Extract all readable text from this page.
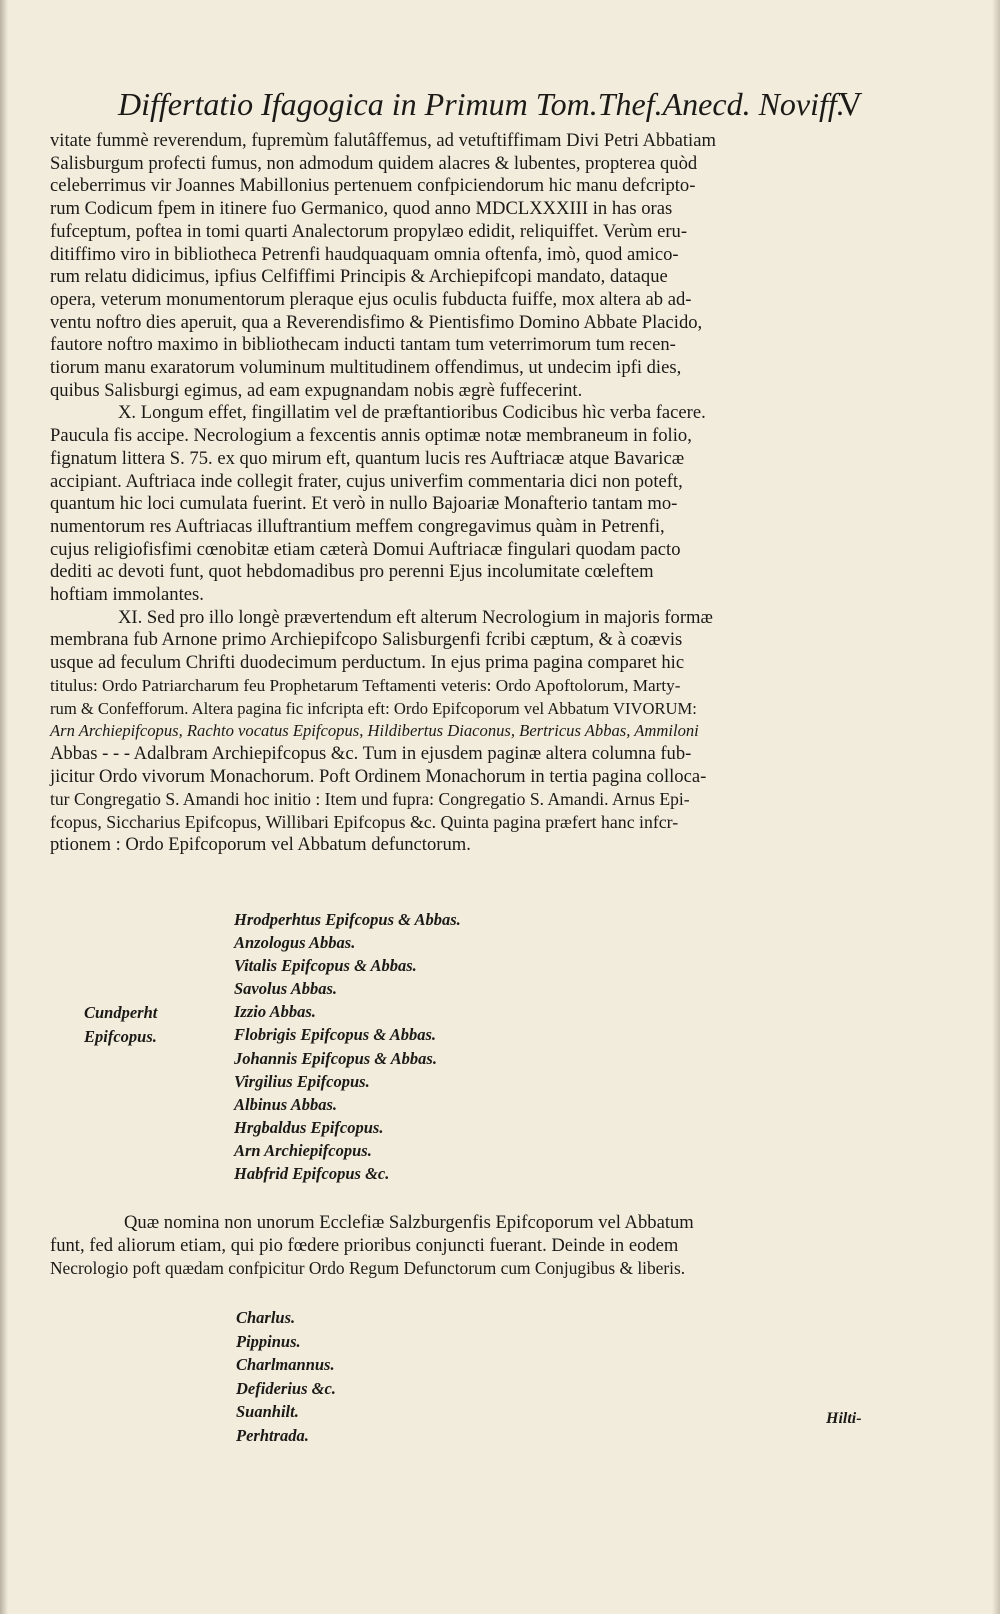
Differtatio Ifagogica in Primum Tom.Thef.Anecd. Noviff.
V
vitate fummè reverendum, fupremùm falutâffemus, ad vetuftiffimam Divi Petri Abbatiam
Salisburgum profecti fumus, non admodum quidem alacres & lubentes, propterea quòd
celeberrimus vir Joannes Mabillonius pertenuem confpiciendorum hic manu defcripto-
rum Codicum fpem in itinere fuo Germanico, quod anno MDCLXXXIII in has oras
fufceptum, poftea in tomi quarti Analectorum propylæo edidit, reliquiffet. Verùm eru-
ditiffimo viro in bibliotheca Petrenfi haudquaquam omnia oftenfa, imò, quod amico-
rum relatu didicimus, ipfius Celfiffimi Principis & Archiepifcopi mandato, dataque
opera, veterum monumentorum pleraque ejus oculis fubducta fuiffe, mox altera ab ad-
ventu noftro dies aperuit, qua a Reverendisfimo & Pientisfimo Domino Abbate Placido,
fautore noftro maximo in bibliothecam inducti tantam tum veterrimorum tum recen-
tiorum manu exaratorum voluminum multitudinem offendimus, ut undecim ipfi dies,
quibus Salisburgi egimus, ad eam expugnandam nobis ægrè fuffecerint.
X. Longum effet, fingillatim vel de præftantioribus Codicibus hìc verba facere.
Paucula fis accipe. Necrologium a fexcentis annis optimæ notæ membraneum in folio,
fignatum littera S. 75. ex quo mirum eft, quantum lucis res Auftriacæ atque Bavaricæ
accipiant. Auftriaca inde collegit frater, cujus univerfim commentaria dici non poteft,
quantum hic loci cumulata fuerint. Et verò in nullo Bajoariæ Monafterio tantam mo-
numentorum res Auftriacas illuftrantium meffem congregavimus quàm in Petrenfi,
cujus religiofisfimi cœnobitæ etiam cæterà Domui Auftriacæ fingulari quodam pacto
dediti ac devoti funt, quot hebdomadibus pro perenni Ejus incolumitate cœleftem
hoftiam immolantes.
XI. Sed pro illo longè prævertendum eft alterum Necrologium in majoris formæ
membrana fub Arnone primo Archiepifcopo Salisburgenfi fcribi cæptum, & à coævis
usque ad feculum Chrifti duodecimum perductum. In ejus prima pagina comparet hic
titulus: Ordo Patriarcharum feu Prophetarum Teftamenti veteris: Ordo Apoftolorum, Marty-
rum & Confefforum. Altera pagina fic infcripta eft: Ordo Epifcoporum vel Abbatum VIVORUM:
Arn Archiepifcopus, Rachto vocatus Epifcopus, Hildibertus Diaconus, Bertricus Abbas, Ammiloni
Abbas - - - Adalbram Archiepifcopus &c. Tum in ejusdem paginæ altera columna fub-
jicitur Ordo vivorum Monachorum. Poft Ordinem Monachorum in tertia pagina colloca-
tur Congregatio S. Amandi hoc initio : Item und fupra: Congregatio S. Amandi. Arnus Epi-
fcopus, Siccharius Epifcopus, Willibari Epifcopus &c. Quinta pagina præfert hanc infcr-
ptionem : Ordo Epifcoporum vel Abbatum defunctorum.
Cundperht
Epifcopus.
Hrodperhtus Epifcopus & Abbas.
Anzologus Abbas.
Vitalis Epifcopus & Abbas.
Savolus Abbas.
Izzio Abbas.
Flobrigis Epifcopus & Abbas.
Johannis Epifcopus & Abbas.
Virgilius Epifcopus.
Albinus Abbas.
Hrgbaldus Epifcopus.
Arn Archiepifcopus.
Habfrid Epifcopus &c.
Quæ nomina non unorum Ecclefiæ Salzburgenfis Epifcoporum vel Abbatum
funt, fed aliorum etiam, qui pio fœdere prioribus conjuncti fuerant. Deinde in eodem
Necrologio poft quædam confpicitur Ordo Regum Defunctorum cum Conjugibus & liberis.
Charlus.
Pippinus.
Charlmannus.
Defiderius &c.
Suanhilt.
Perhtrada.
Hilti-
